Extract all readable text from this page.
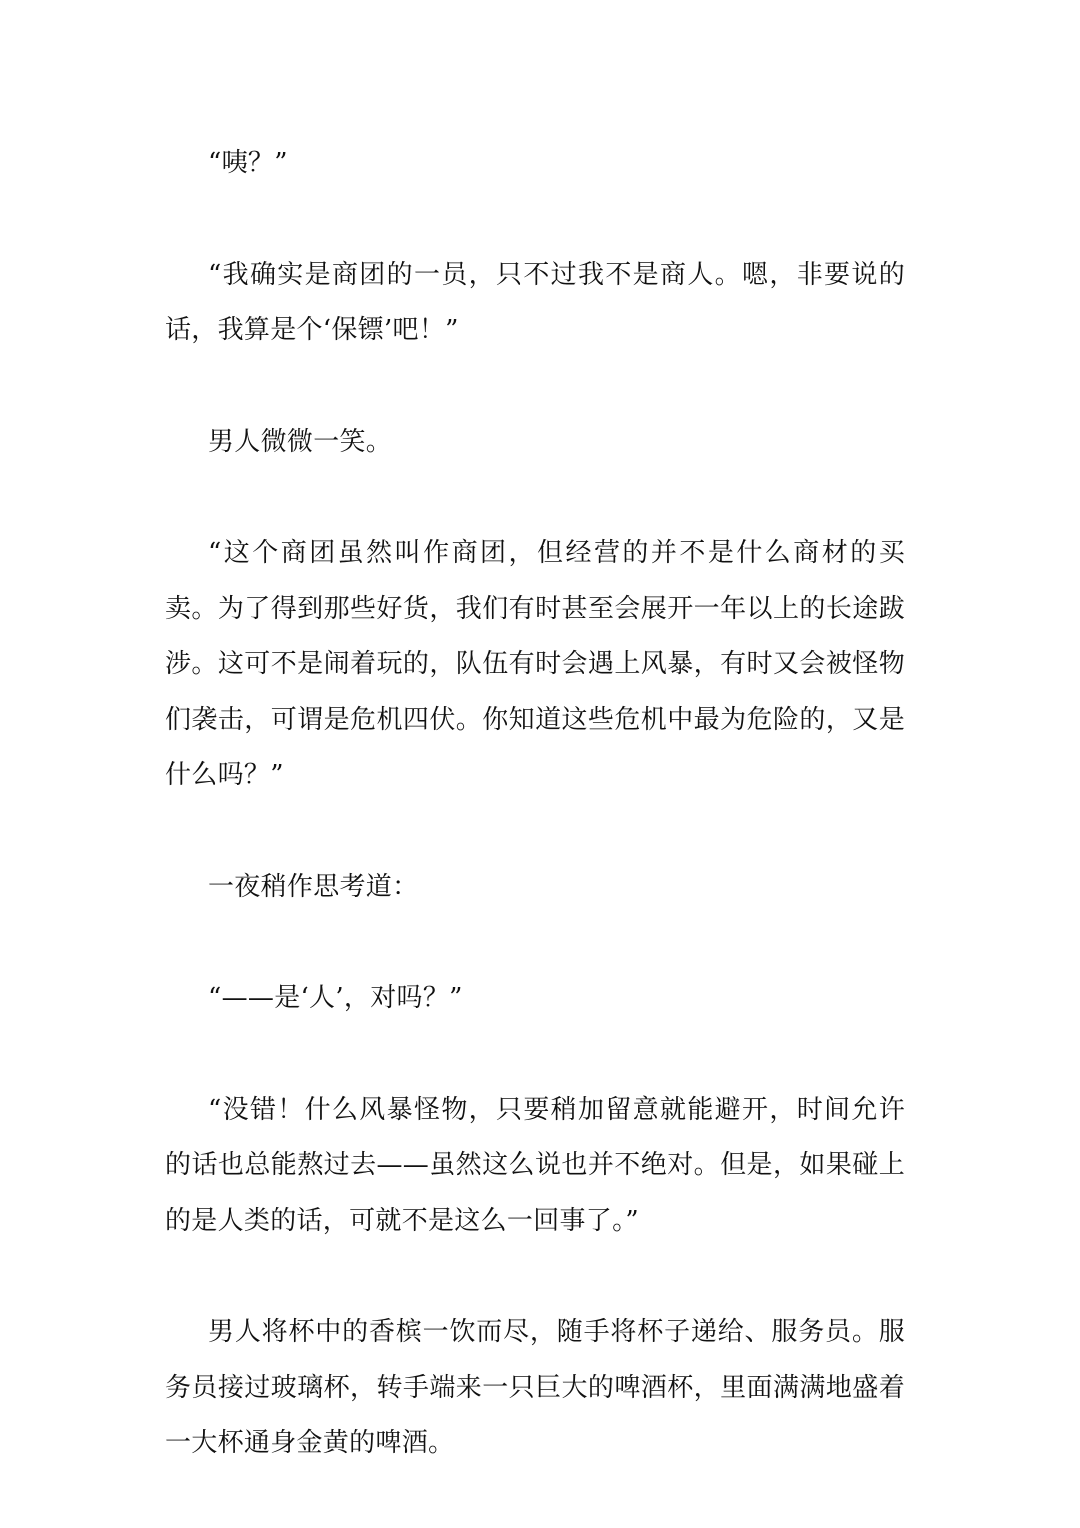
“咦？”

“我确实是商团的一员，只不过我不是商人。嗯，非要说的话，我算是个‘保镖’吧！”

男人微微一笑。

“这个商团虽然叫作商团，但经营的并不是什么商材的买卖。为了得到那些好货，我们有时甚至会展开一年以上的长途跋涉。这可不是闹着玩的，队伍有时会遇上风暴，有时又会被怪物们袭击，可谓是危机四伏。你知道这些危机中最为危险的，又是什么吗？”

一夜稍作思考道：

“——是‘人’，对吗？”

“没错！什么风暴怪物，只要稍加留意就能避开，时间允许的话也总能熬过去——虽然这么说也并不绝对。但是，如果碰上的是人类的话，可就不是这么一回事了。”

男人将杯中的香槟一饮而尽，随手将杯子递给、服务员。服务员接过玻璃杯，转手端来一只巨大的啤酒杯，里面满满地盛着一大杯通身金黄的啤酒。
